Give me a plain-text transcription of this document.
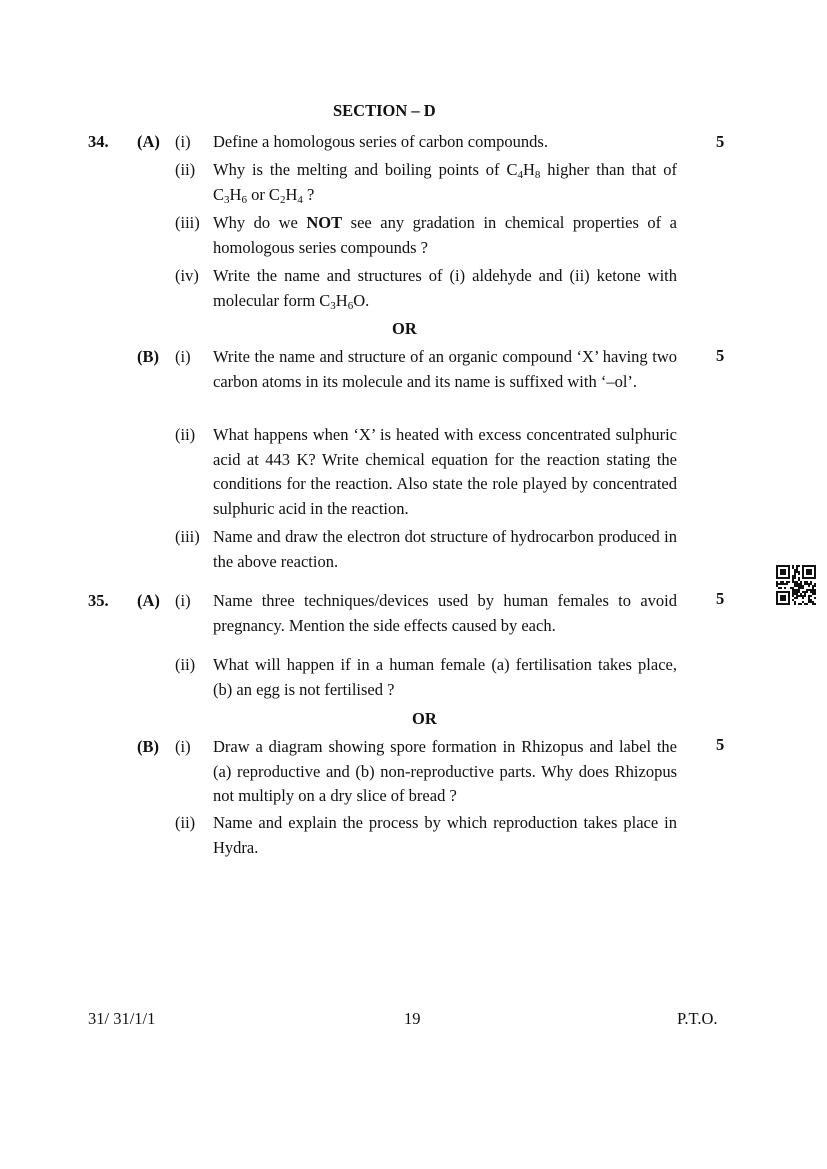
SECTION – D
34. (A)	5
(i) Define a homologous series of carbon compounds.
(ii) Why is the melting and boiling points of $C_4H_8$ higher than that of $C_3H_6$ or $C_2H_4$ ?
(iii) Why do we NOT see any gradation in chemical properties of a homologous series compounds ?
(iv) Write the name and structures of (i) aldehyde and (ii) ketone with molecular form $C_3H_6O$.
OR
(B)	5
(i) Write the name and structure of an organic compound ‘X’ having two carbon atoms in its molecule and its name is suffixed with ‘–ol’.
(ii) What happens when ‘X’ is heated with excess concentrated sulphuric acid at 443 K? Write chemical equation for the reaction stating the conditions for the reaction. Also state the role played by concentrated sulphuric acid in the reaction.
(iii) Name and draw the electron dot structure of hydrocarbon produced in the above reaction.
35. (A)	5
(i) Name three techniques/devices used by human females to avoid pregnancy. Mention the side effects caused by each.
(ii) What will happen if in a human female (a) fertilisation takes place, (b) an egg is not fertilised ?
OR
(B)	5
(i) Draw a diagram showing spore formation in Rhizopus and label the (a) reproductive and (b) non-reproductive parts. Why does Rhizopus not multiply on a dry slice of bread ?
(ii) Name and explain the process by which reproduction takes place in Hydra.
31/ 31/1/1	19	P.T.O.
